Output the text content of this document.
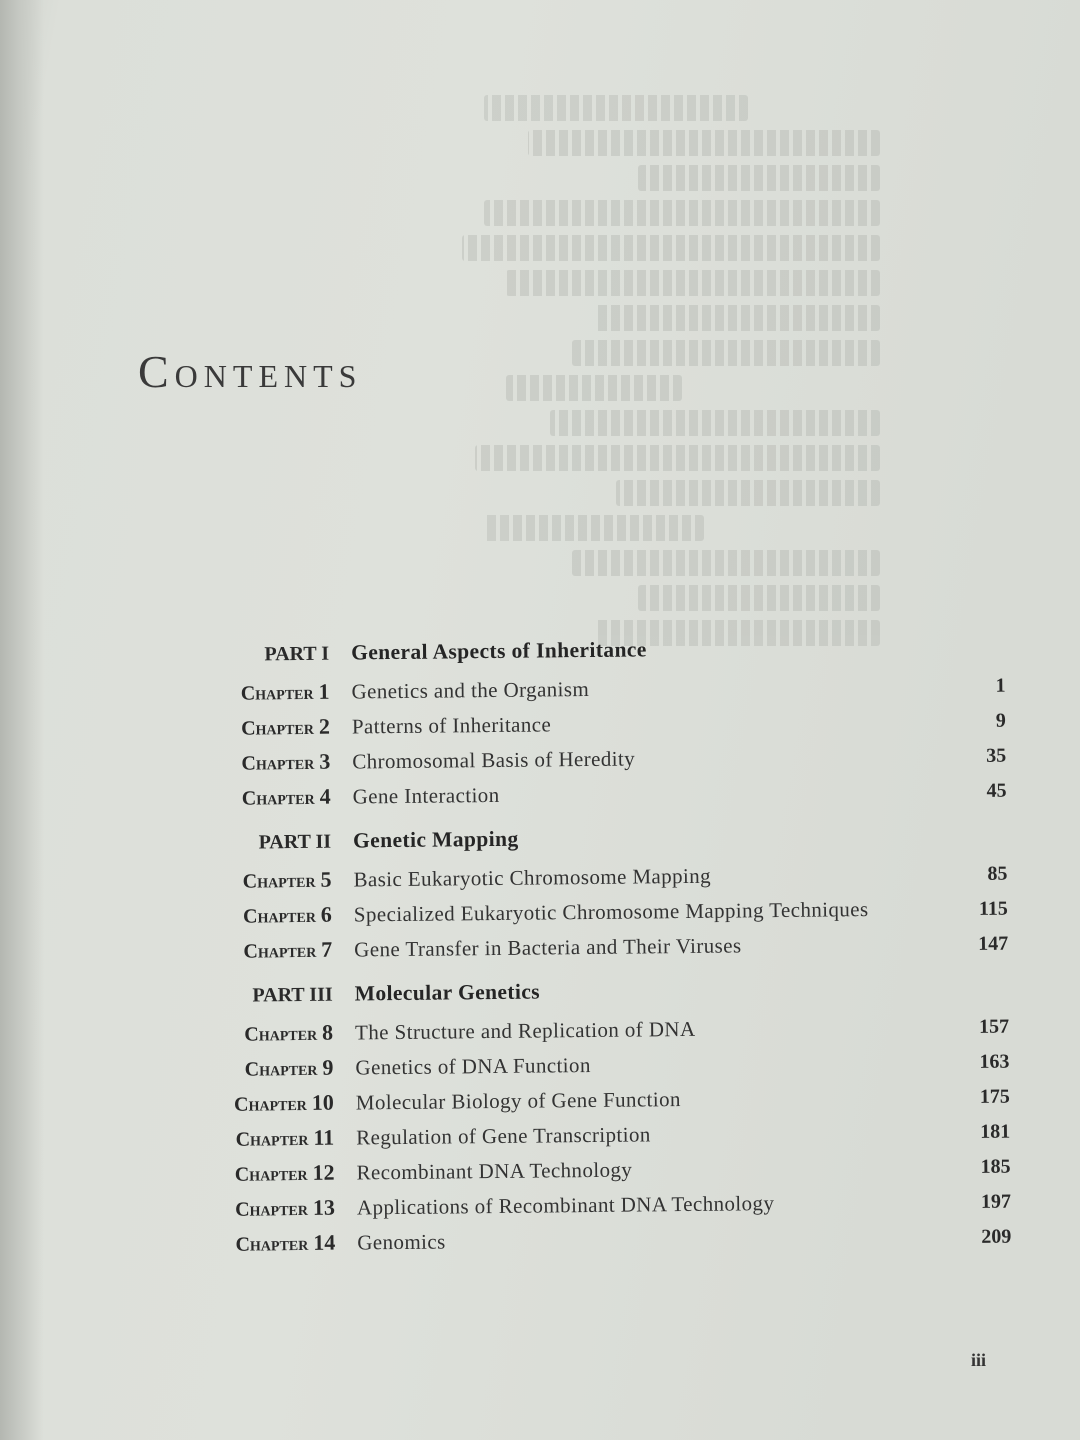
Contents
PART I General Aspects of Inheritance
Chapter 1 Genetics and the Organism	1
Chapter 2 Patterns of Inheritance	9
Chapter 3 Chromosomal Basis of Heredity	35
Chapter 4 Gene Interaction	45
PART II Genetic Mapping
Chapter 5 Basic Eukaryotic Chromosome Mapping	85
Chapter 6 Specialized Eukaryotic Chromosome Mapping Techniques	115
Chapter 7 Gene Transfer in Bacteria and Their Viruses	147
PART III Molecular Genetics
Chapter 8 The Structure and Replication of DNA	157
Chapter 9 Genetics of DNA Function	163
Chapter 10 Molecular Biology of Gene Function	175
Chapter 11 Regulation of Gene Transcription	181
Chapter 12 Recombinant DNA Technology	185
Chapter 13 Applications of Recombinant DNA Technology	197
Chapter 14 Genomics	209
iii
